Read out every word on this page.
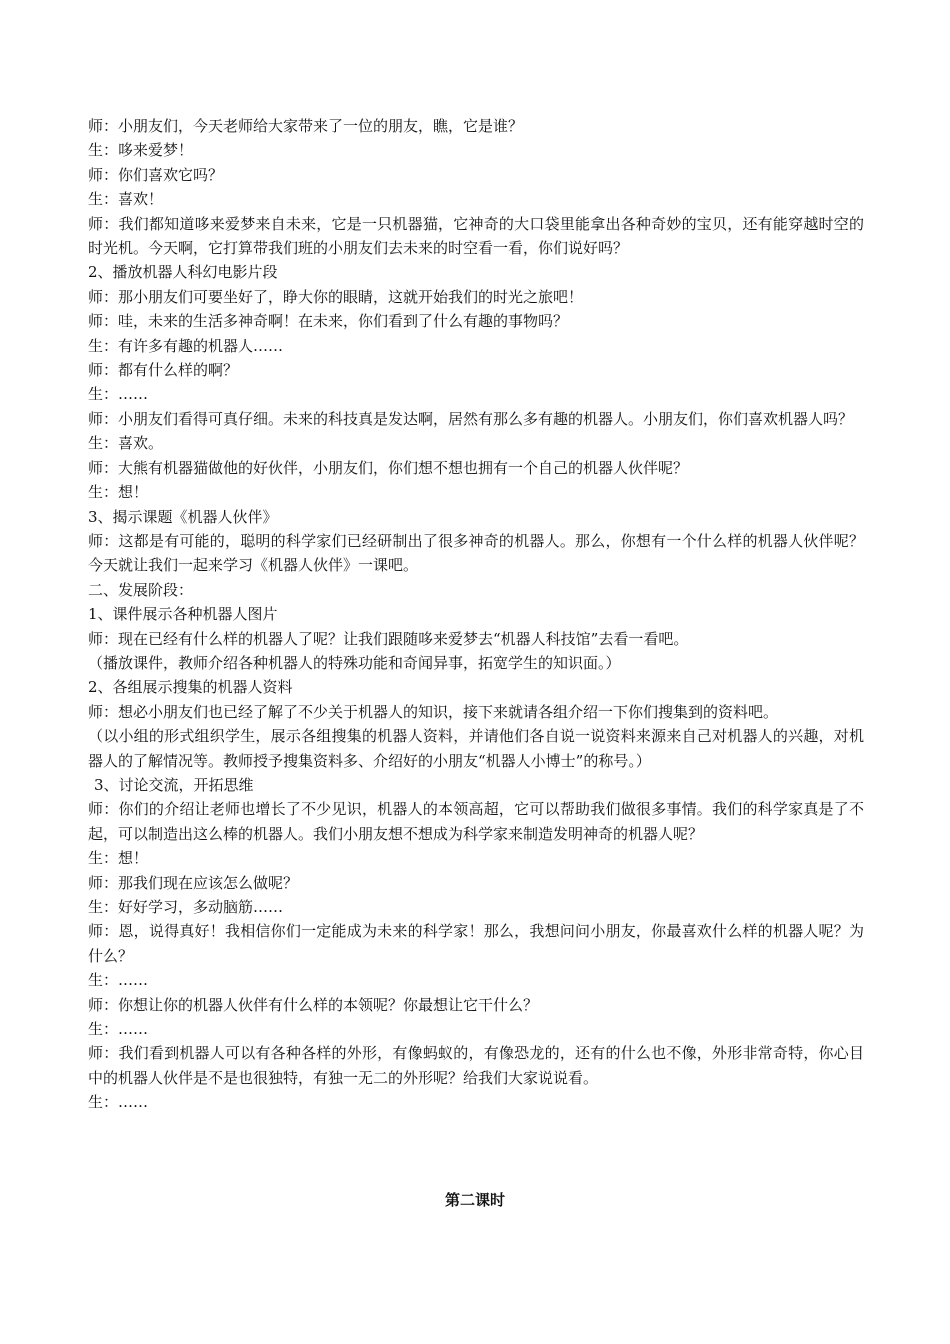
师：小朋友们，今天老师给大家带来了一位的朋友，瞧，它是谁？

生：哆来爱梦！

师：你们喜欢它吗？

生：喜欢！

师：我们都知道哆来爱梦来自未来，它是一只机器猫，它神奇的大口袋里能拿出各种奇妙的宝贝，还有能穿越时空的时光机。今天啊，它打算带我们班的小朋友们去未来的时空看一看，你们说好吗？

2、播放机器人科幻电影片段

师：那小朋友们可要坐好了，睁大你的眼睛，这就开始我们的时光之旅吧！

师：哇，未来的生活多神奇啊！在未来，你们看到了什么有趣的事物吗？

生：有许多有趣的机器人……

师：都有什么样的啊？

生：……

师：小朋友们看得可真仔细。未来的科技真是发达啊，居然有那么多有趣的机器人。小朋友们，你们喜欢机器人吗？

生：喜欢。

师：大熊有机器猫做他的好伙伴，小朋友们，你们想不想也拥有一个自己的机器人伙伴呢？

生：想！

3、揭示课题《机器人伙伴》

师：这都是有可能的，聪明的科学家们已经研制出了很多神奇的机器人。那么，你想有一个什么样的机器人伙伴呢？今天就让我们一起来学习《机器人伙伴》一课吧。

二、发展阶段：

1、课件展示各种机器人图片

师：现在已经有什么样的机器人了呢？让我们跟随哆来爱梦去“机器人科技馆”去看一看吧。

（播放课件，教师介绍各种机器人的特殊功能和奇闻异事，拓宽学生的知识面。）

2、各组展示搜集的机器人资料

师：想必小朋友们也已经了解了不少关于机器人的知识，接下来就请各组介绍一下你们搜集到的资料吧。

（以小组的形式组织学生，展示各组搜集的机器人资料，并请他们各自说一说资料来源来自己对机器人的兴趣，对机器人的了解情况等。教师授予搜集资料多、介绍好的小朋友“机器人小博士”的称号。）

3、讨论交流，开拓思维

师：你们的介绍让老师也增长了不少见识，机器人的本领高超，它可以帮助我们做很多事情。我们的科学家真是了不起，可以制造出这么棒的机器人。我们小朋友想不想成为科学家来制造发明神奇的机器人呢？

生：想！

师：那我们现在应该怎么做呢？

生：好好学习，多动脑筋……

师：恩，说得真好！我相信你们一定能成为未来的科学家！那么，我想问问小朋友，你最喜欢什么样的机器人呢？为什么？

生：……

师：你想让你的机器人伙伴有什么样的本领呢？你最想让它干什么？

生：……

师：我们看到机器人可以有各种各样的外形，有像蚂蚁的，有像恐龙的，还有的什么也不像，外形非常奇特，你心目中的机器人伙伴是不是也很独特，有独一无二的外形呢？给我们大家说说看。

生：……

第二课时
